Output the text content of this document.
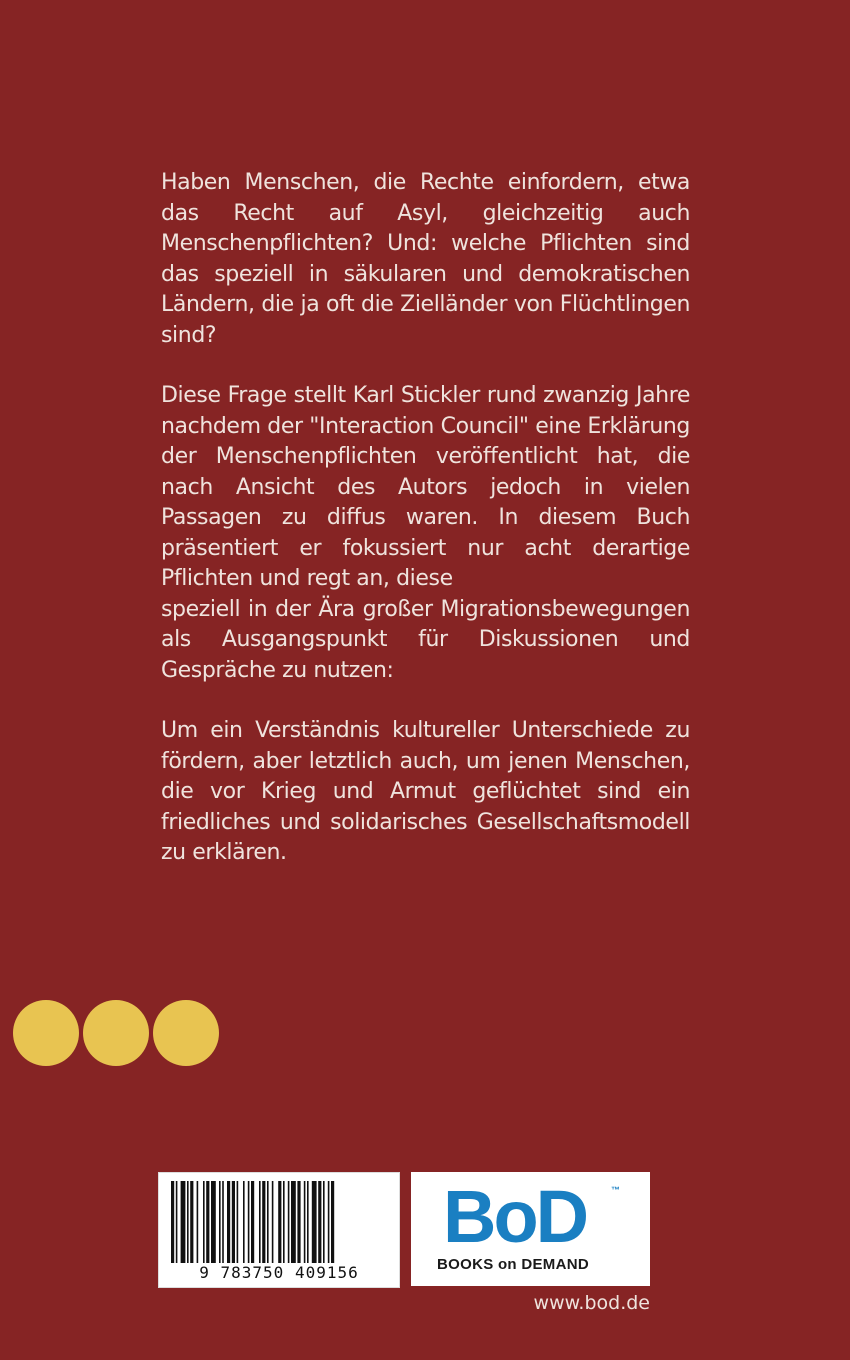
Haben Menschen, die Rechte einfordern, etwa
das Recht auf Asyl, gleichzeitig auch
Menschenpflichten? Und: welche Pflichten sind
das speziell in säkularen und demokratischen
Ländern, die ja oft die Zielländer von Flüchtlingen
sind?

Diese Frage stellt Karl Stickler rund zwanzig Jahre
nachdem der "Interaction Council" eine Erklärung
der Menschenpflichten veröffentlicht hat, die
nach Ansicht des Autors jedoch in vielen
Passagen zu diffus waren. In diesem Buch
präsentiert er fokussiert nur acht derartige
Pflichten und regt an, diese
speziell in der Ära großer Migrationsbewegungen
als Ausgangspunkt für Diskussionen und
Gespräche zu nutzen:

Um ein Verständnis kultureller Unterschiede zu
fördern, aber letztlich auch, um jenen Menschen,
die vor Krieg und Armut geflüchtet sind ein
friedliches und solidarisches Gesellschaftsmodell
zu erklären.

9 783750 409156
BoD	™
BOOKS on DEMAND
www.bod.de
